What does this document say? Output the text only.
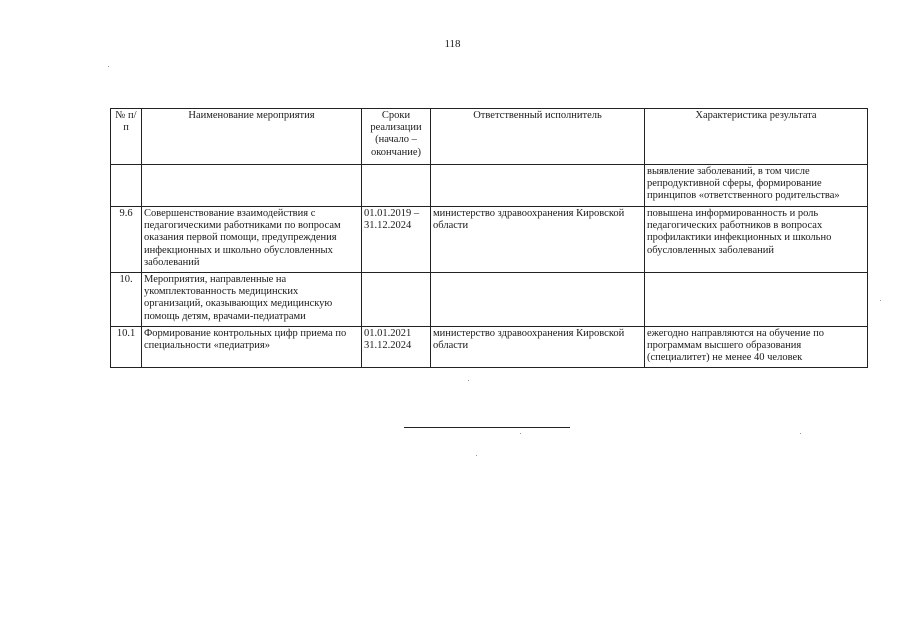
118
№ п/п	Наименование мероприятия	Сроки реализации (начало – окончание)	Ответственный исполнитель	Характеристика результата
				выявление заболеваний, в том числе репродуктивной сферы, формирование принципов «ответственного родительства»
9.6	Совершенствование взаимодействия с педагогическими работниками по вопросам оказания первой помощи, предупреждения инфекционных и школьно обусловленных заболеваний	01.01.2019 – 31.12.2024	министерство здравоохранения Кировской области	повышена информированность и роль педагогических работников в вопросах профилактики инфекционных и школьно обусловленных заболеваний
10.	Мероприятия, направленные на укомплектованность медицинских организаций, оказывающих медицинскую помощь детям, врачами-педиатрами			
10.1	Формирование контрольных цифр приема по специальности «педиатрия»	01.01.2021 31.12.2024	министерство здравоохранения Кировской области	ежегодно направляются на обучение по программам высшего образования (специалитет) не менее 40 человек
